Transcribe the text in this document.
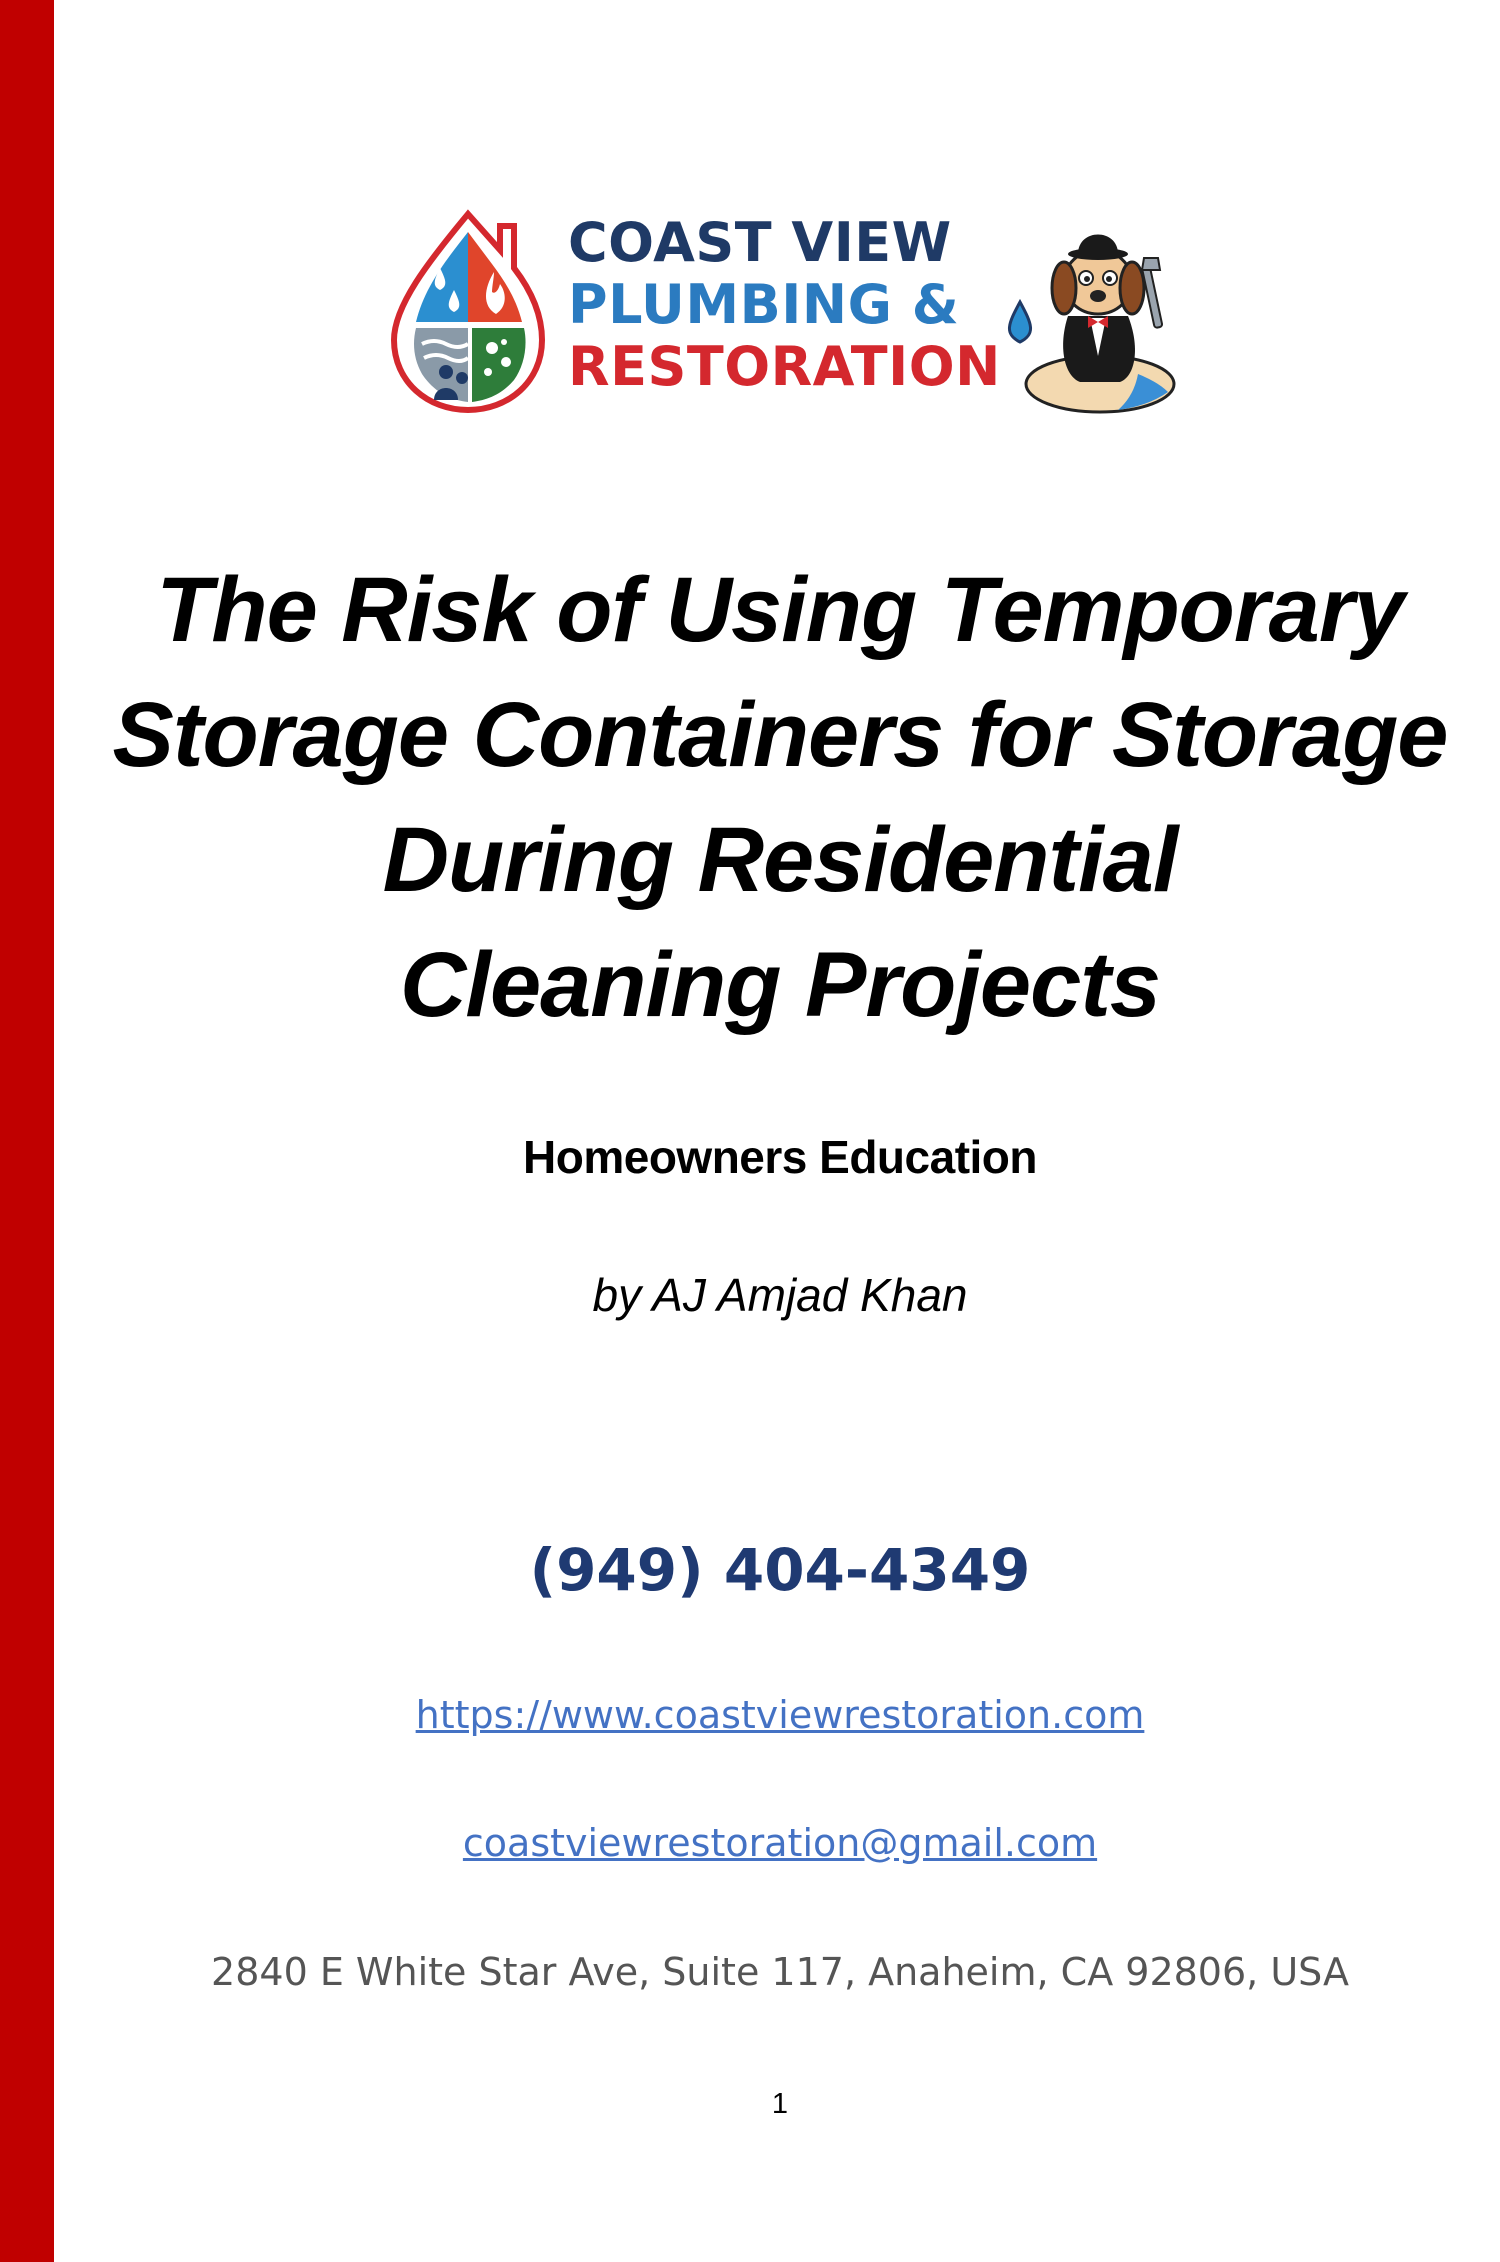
COAST VIEW
PLUMBING &
RESTORATION
The Risk of Using Temporary
Storage Containers for Storage
During Residential
Cleaning Projects
Homeowners Education
by AJ Amjad Khan
(949) 404-4349
https://www.coastviewrestoration.com
coastviewrestoration@gmail.com
2840 E White Star Ave, Suite 117, Anaheim, CA 92806, USA
1
